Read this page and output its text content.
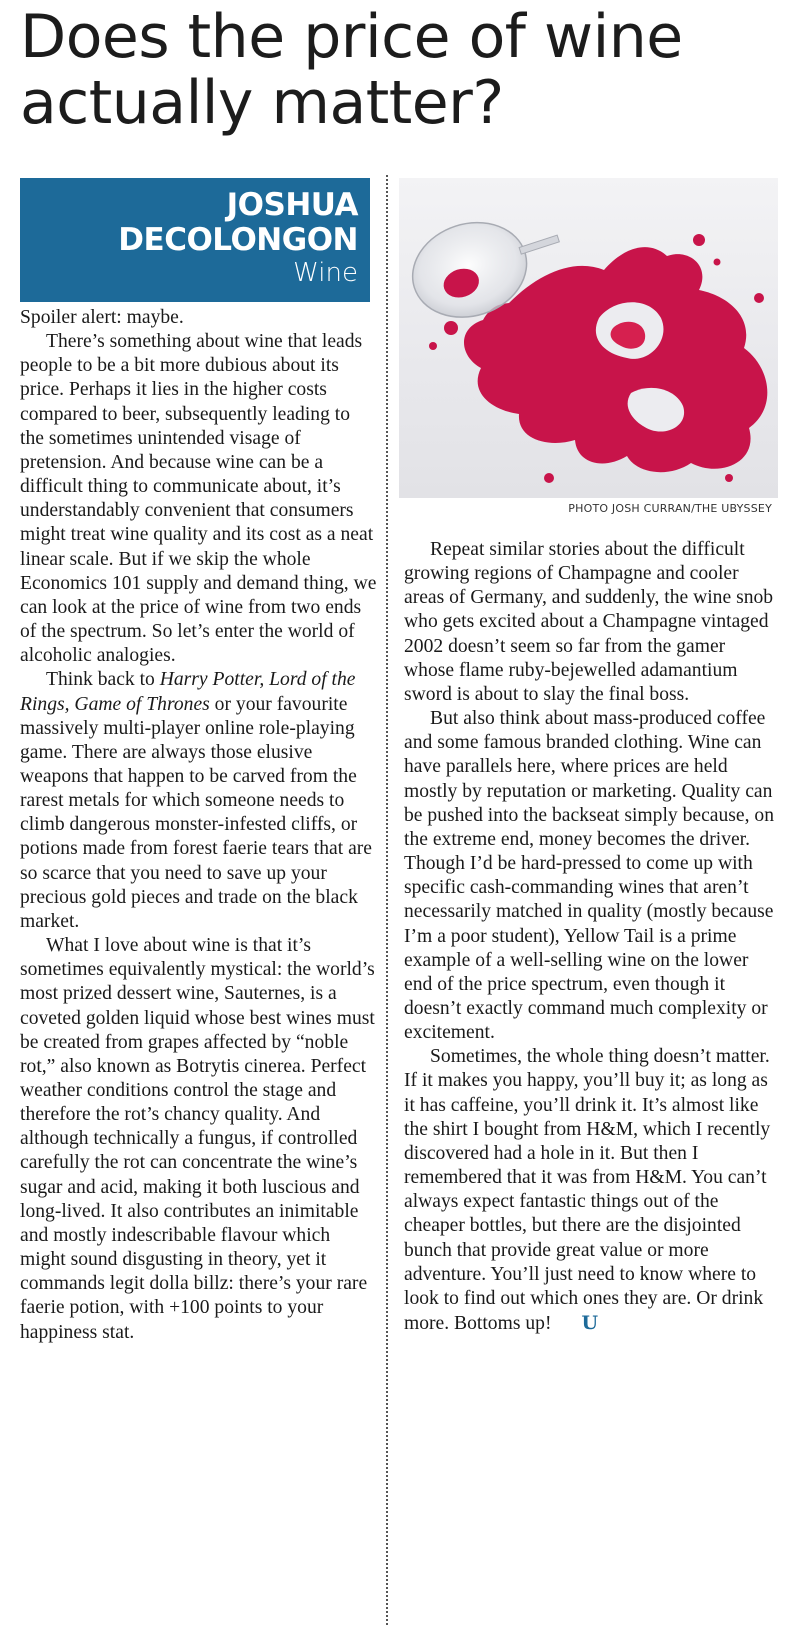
Does the price of wine actually matter?
JOSHUA
DECOLONGON
Wine

Spoiler alert: maybe.

There’s something about wine that leads people to be a bit more dubious about its price. Perhaps it lies in the higher costs compared to beer, subsequently leading to the sometimes unintended visage of pretension. And because wine can be a difficult thing to communicate about, it’s understandably convenient that consumers might treat wine quality and its cost as a neat linear scale. But if we skip the whole Economics 101 supply and demand thing, we can look at the price of wine from two ends of the spectrum. So let’s enter the world of alcoholic analogies.

Think back to Harry Potter, Lord of the Rings, Game of Thrones or your favourite massively multi-player online role-playing game. There are always those elusive weapons that happen to be carved from the rarest metals for which someone needs to climb dangerous monster-infested cliffs, or potions made from forest faerie tears that are so scarce that you need to save up your precious gold pieces and trade on the black market.

What I love about wine is that it’s sometimes equivalently mystical: the world’s most prized dessert wine, Sauternes, is a coveted golden liquid whose best wines must be created from grapes affected by “noble rot,” also known as Botrytis cinerea. Perfect weather conditions control the stage and therefore the rot’s chancy quality. And although technically a fungus, if controlled carefully the rot can concentrate the wine’s sugar and acid, making it both luscious and long-lived. It also contributes an inimitable and mostly indescribable flavour which might sound disgusting in theory, yet it commands legit dolla billz: there’s your rare faerie potion, with +100 points to your happiness stat.

PHOTO JOSH CURRAN/THE UBYSSEY

Repeat similar stories about the difficult growing regions of Champagne and cooler areas of Germany, and suddenly, the wine snob who gets excited about a Champagne vintaged 2002 doesn’t seem so far from the gamer whose flame ruby-bejewelled adamantium sword is about to slay the final boss.

But also think about mass-produced coffee and some famous branded clothing. Wine can have parallels here, where prices are held mostly by reputation or marketing. Quality can be pushed into the backseat simply because, on the extreme end, money becomes the driver. Though I’d be hard-pressed to come up with specific cash-commanding wines that aren’t necessarily matched in quality (mostly because I’m a poor student), Yellow Tail is a prime example of a well-selling wine on the lower end of the price spectrum, even though it doesn’t exactly command much complexity or excitement.

Sometimes, the whole thing doesn’t matter. If it makes you happy, you’ll buy it; as long as it has caffeine, you’ll drink it. It’s almost like the shirt I bought from H&M, which I recently discovered had a hole in it. But then I remembered that it was from H&M. You can’t always expect fantastic things out of the cheaper bottles, but there are the disjointed bunch that provide great value or more adventure. You’ll just need to know where to look to find out which ones they are. Or drink more. Bottoms up! U
